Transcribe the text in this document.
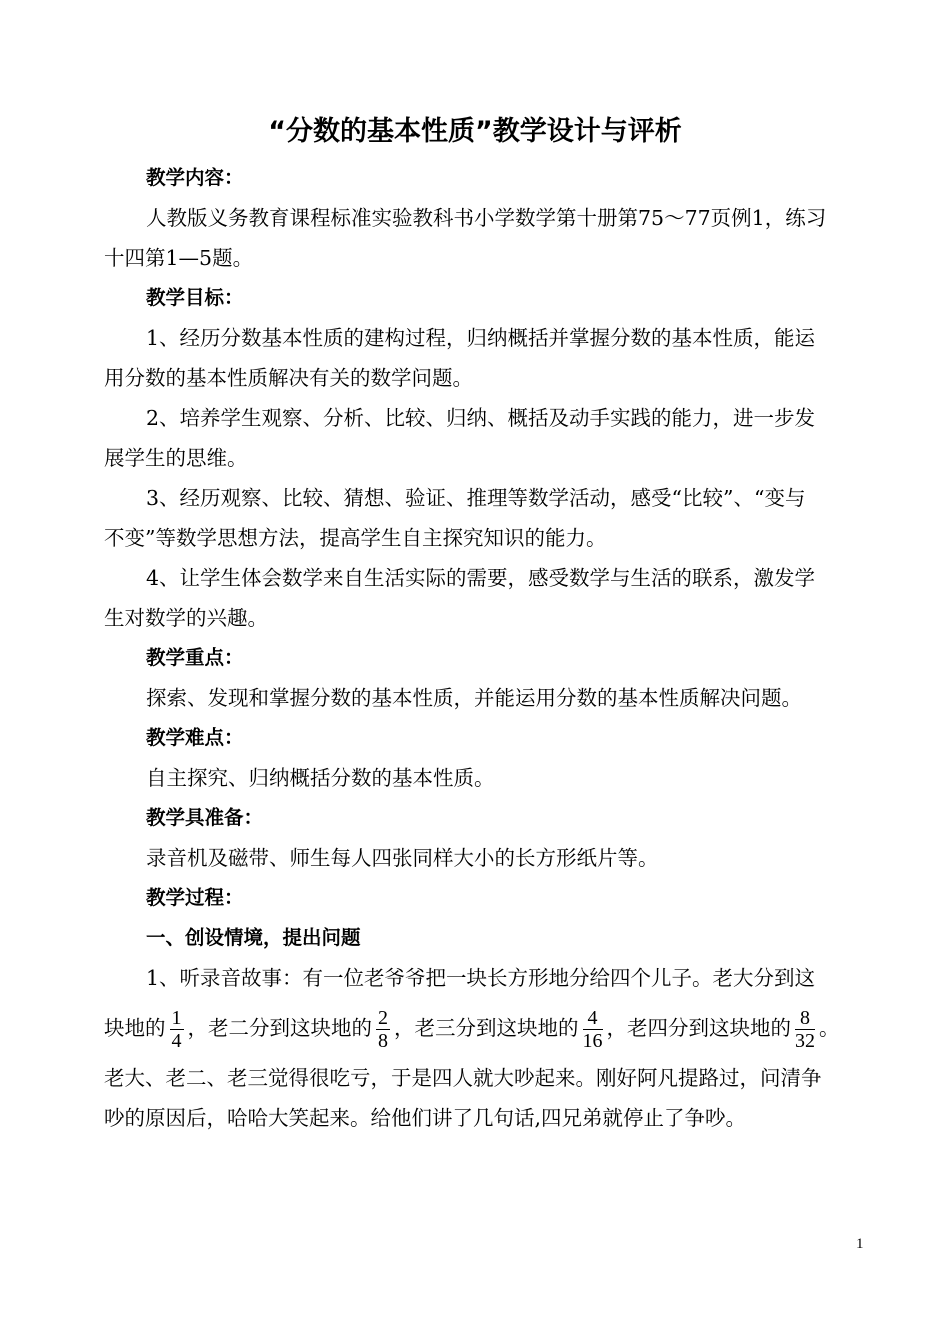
“分数的基本性质”教学设计与评析
教学内容：
人教版义务教育课程标准实验教科书小学数学第十册第75～77页例1，练习
十四第1—5题。
教学目标：
1、经历分数基本性质的建构过程，归纳概括并掌握分数的基本性质，能运
用分数的基本性质解决有关的数学问题。
2、培养学生观察、分析、比较、归纳、概括及动手实践的能力，进一步发
展学生的思维。
3、经历观察、比较、猜想、验证、推理等数学活动，感受“比较”、“变与
不变”等数学思想方法，提高学生自主探究知识的能力。
4、让学生体会数学来自生活实际的需要，感受数学与生活的联系，激发学
生对数学的兴趣。
教学重点：
探索、发现和掌握分数的基本性质，并能运用分数的基本性质解决问题。
教学难点：
自主探究、归纳概括分数的基本性质。
教学具准备：
录音机及磁带、师生每人四张同样大小的长方形纸片等。
教学过程：
一、创设情境，提出问题
1、听录音故事：有一位老爷爷把一块长方形地分给四个儿子。老大分到这
块地的 $\frac{1}{4}$ ，老二分到这块地的 $\frac{2}{8}$ ，老三分到这块地的 $\frac{4}{16}$ ，老四分到这块地的 $\frac{8}{32}$ 。
老大、老二、老三觉得很吃亏，于是四人就大吵起来。刚好阿凡提路过，问清争
吵的原因后，哈哈大笑起来。给他们讲了几句话,四兄弟就停止了争吵。
1
